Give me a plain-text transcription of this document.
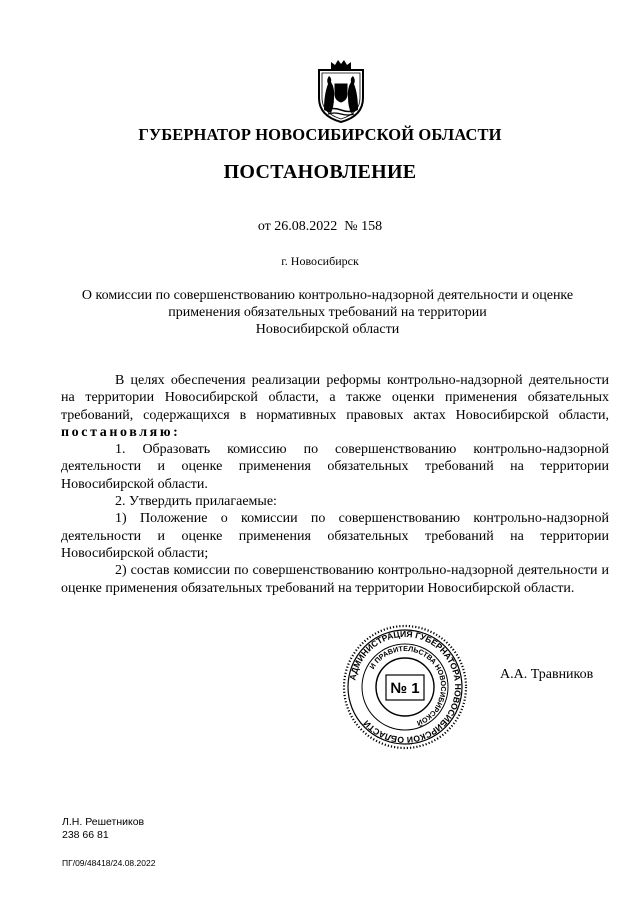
ГУБЕРНАТОР НОВОСИБИРСКОЙ ОБЛАСТИ
ПОСТАНОВЛЕНИЕ
от 26.08.2022  № 158
г. Новосибирск
О комиссии по совершенствованию контрольно-надзорной деятельности и оценке
применения обязательных требований на территории
Новосибирской области

В целях обеспечения реализации реформы контрольно-надзорной деятельности на территории Новосибирской области, а также оценки применения обязательных требований, содержащихся в нормативных правовых актах Новосибирской области, постановляю:

1. Образовать комиссию по совершенствованию контрольно-надзорной деятельности и оценке применения обязательных требований на территории Новосибирской области.

2. Утвердить прилагаемые:

1) Положение о комиссии по совершенствованию контрольно-надзорной деятельности и оценке применения обязательных требований на территории Новосибирской области;

2) состав комиссии по совершенствованию контрольно-надзорной деятельности и оценке применения обязательных требований на территории Новосибирской области.

АДМИНИСТРАЦИЯ ГУБЕРНАТОРА НОВОСИБИРСКОЙ ОБЛАСТИ
И ПРАВИТЕЛЬСТВА НОВОСИБИРСКОЙ
№ 1
А.А. Травников
Л.Н. Решетников
238 66 81
ПГ/09/48418/24.08.2022
